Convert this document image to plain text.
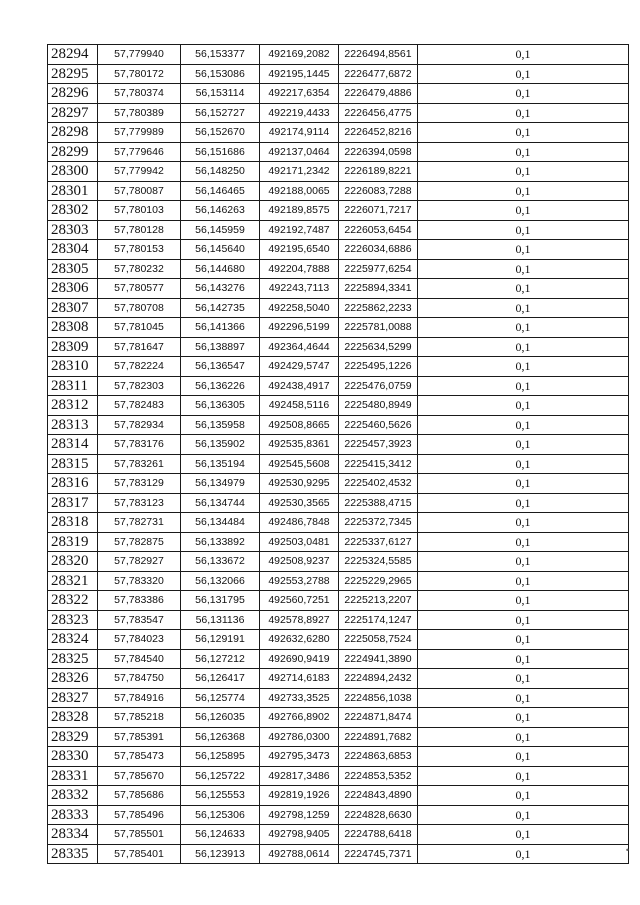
28294	57,779940	56,153377	492169,2082	2226494,8561	0,1
28295	57,780172	56,153086	492195,1445	2226477,6872	0,1
28296	57,780374	56,153114	492217,6354	2226479,4886	0,1
28297	57,780389	56,152727	492219,4433	2226456,4775	0,1
28298	57,779989	56,152670	492174,9114	2226452,8216	0,1
28299	57,779646	56,151686	492137,0464	2226394,0598	0,1
28300	57,779942	56,148250	492171,2342	2226189,8221	0,1
28301	57,780087	56,146465	492188,0065	2226083,7288	0,1
28302	57,780103	56,146263	492189,8575	2226071,7217	0,1
28303	57,780128	56,145959	492192,7487	2226053,6454	0,1
28304	57,780153	56,145640	492195,6540	2226034,6886	0,1
28305	57,780232	56,144680	492204,7888	2225977,6254	0,1
28306	57,780577	56,143276	492243,7113	2225894,3341	0,1
28307	57,780708	56,142735	492258,5040	2225862,2233	0,1
28308	57,781045	56,141366	492296,5199	2225781,0088	0,1
28309	57,781647	56,138897	492364,4644	2225634,5299	0,1
28310	57,782224	56,136547	492429,5747	2225495,1226	0,1
28311	57,782303	56,136226	492438,4917	2225476,0759	0,1
28312	57,782483	56,136305	492458,5116	2225480,8949	0,1
28313	57,782934	56,135958	492508,8665	2225460,5626	0,1
28314	57,783176	56,135902	492535,8361	2225457,3923	0,1
28315	57,783261	56,135194	492545,5608	2225415,3412	0,1
28316	57,783129	56,134979	492530,9295	2225402,4532	0,1
28317	57,783123	56,134744	492530,3565	2225388,4715	0,1
28318	57,782731	56,134484	492486,7848	2225372,7345	0,1
28319	57,782875	56,133892	492503,0481	2225337,6127	0,1
28320	57,782927	56,133672	492508,9237	2225324,5585	0,1
28321	57,783320	56,132066	492553,2788	2225229,2965	0,1
28322	57,783386	56,131795	492560,7251	2225213,2207	0,1
28323	57,783547	56,131136	492578,8927	2225174,1247	0,1
28324	57,784023	56,129191	492632,6280	2225058,7524	0,1
28325	57,784540	56,127212	492690,9419	2224941,3890	0,1
28326	57,784750	56,126417	492714,6183	2224894,2432	0,1
28327	57,784916	56,125774	492733,3525	2224856,1038	0,1
28328	57,785218	56,126035	492766,8902	2224871,8474	0,1
28329	57,785391	56,126368	492786,0300	2224891,7682	0,1
28330	57,785473	56,125895	492795,3473	2224863,6853	0,1
28331	57,785670	56,125722	492817,3486	2224853,5352	0,1
28332	57,785686	56,125553	492819,1926	2224843,4890	0,1
28333	57,785496	56,125306	492798,1259	2224828,6630	0,1
28334	57,785501	56,124633	492798,9405	2224788,6418	0,1
28335	57,785401	56,123913	492788,0614	2224745,7371	0,1	•
